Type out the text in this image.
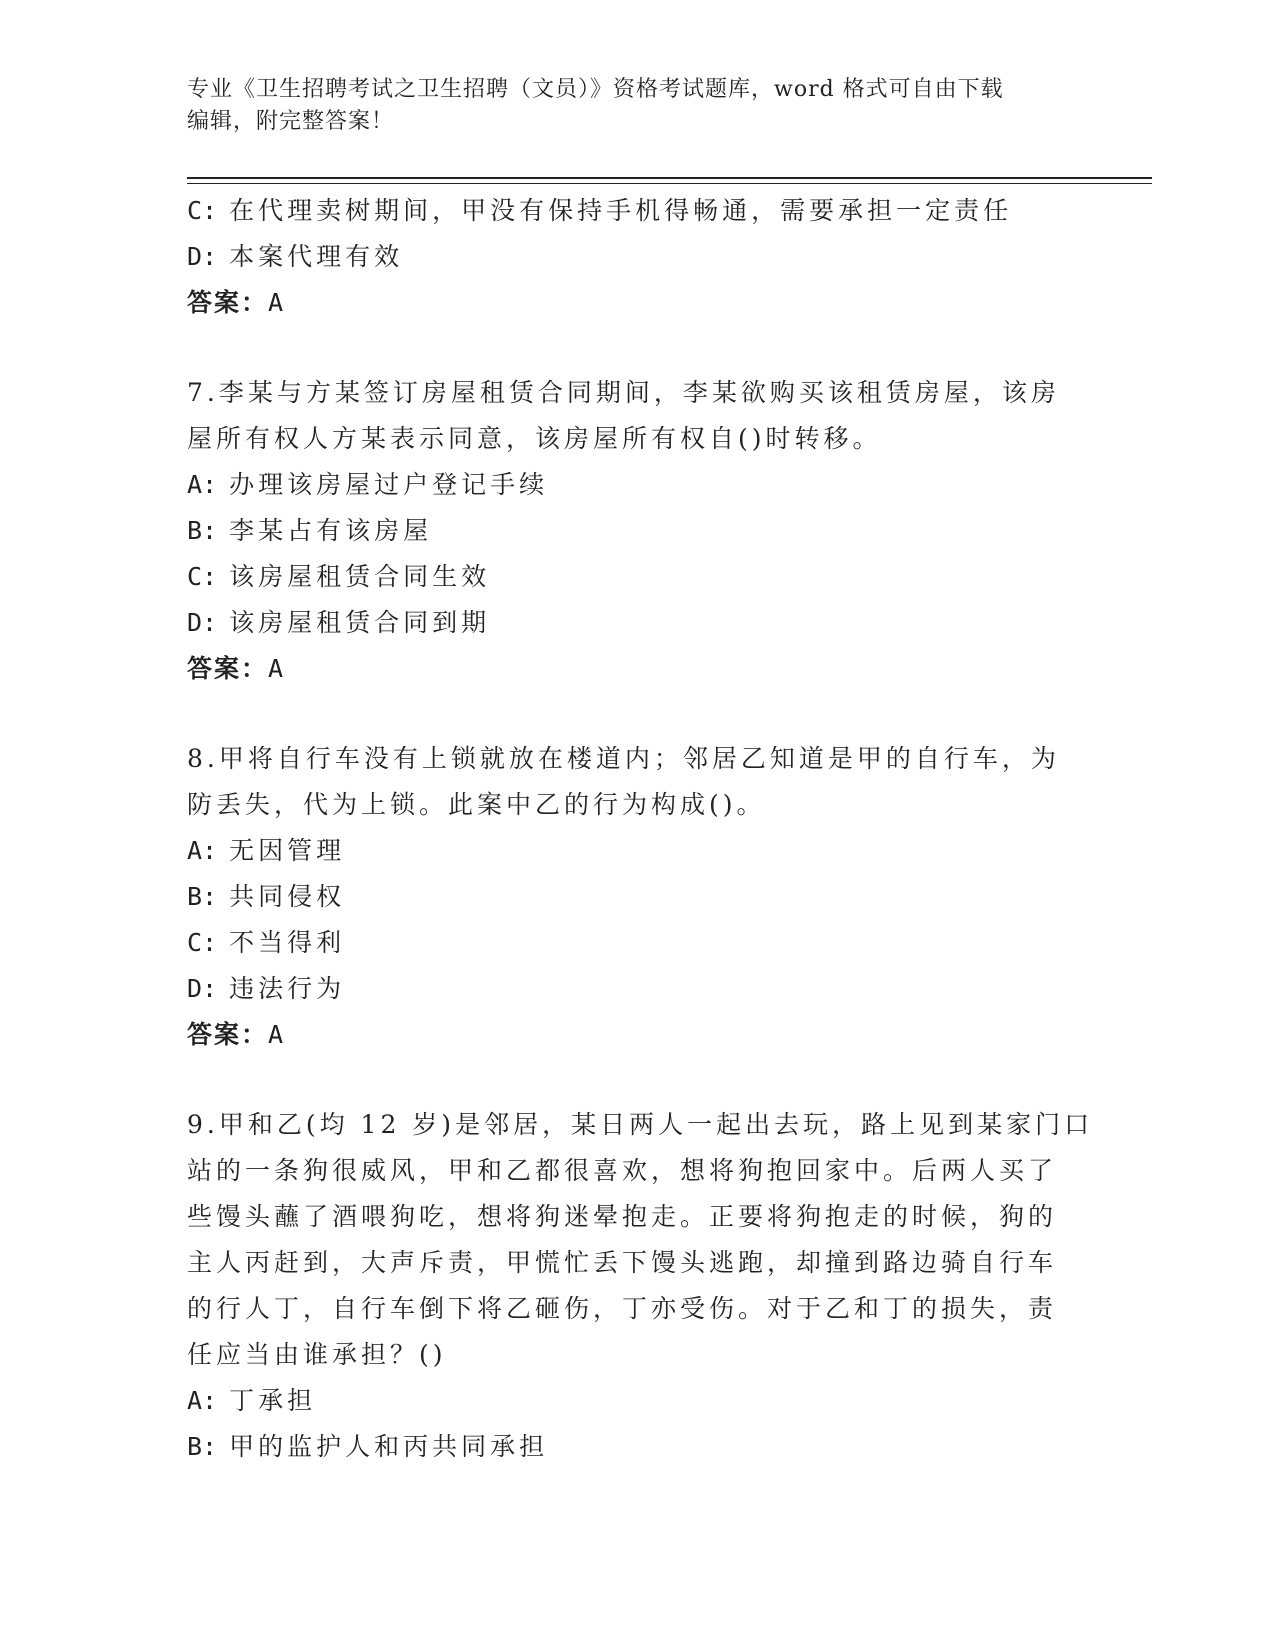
专业《卫生招聘考试之卫生招聘（文员）》资格考试题库，word 格式可自由下载
编辑，附完整答案！
C: 在代理卖树期间，甲没有保持手机得畅通，需要承担一定责任
D: 本案代理有效
答案：A
7.李某与方某签订房屋租赁合同期间，李某欲购买该租赁房屋，该房
屋所有权人方某表示同意，该房屋所有权自()时转移。
A: 办理该房屋过户登记手续
B: 李某占有该房屋
C: 该房屋租赁合同生效
D: 该房屋租赁合同到期
答案：A
8.甲将自行车没有上锁就放在楼道内；邻居乙知道是甲的自行车，为
防丢失，代为上锁。此案中乙的行为构成()。
A: 无因管理
B: 共同侵权
C: 不当得利
D: 违法行为
答案：A
9.甲和乙(均 12 岁)是邻居，某日两人一起出去玩，路上见到某家门口
站的一条狗很威风，甲和乙都很喜欢，想将狗抱回家中。后两人买了
些馒头蘸了酒喂狗吃，想将狗迷晕抱走。正要将狗抱走的时候，狗的
主人丙赶到，大声斥责，甲慌忙丢下馒头逃跑，却撞到路边骑自行车
的行人丁，自行车倒下将乙砸伤，丁亦受伤。对于乙和丁的损失，责
任应当由谁承担？()
A: 丁承担
B: 甲的监护人和丙共同承担
